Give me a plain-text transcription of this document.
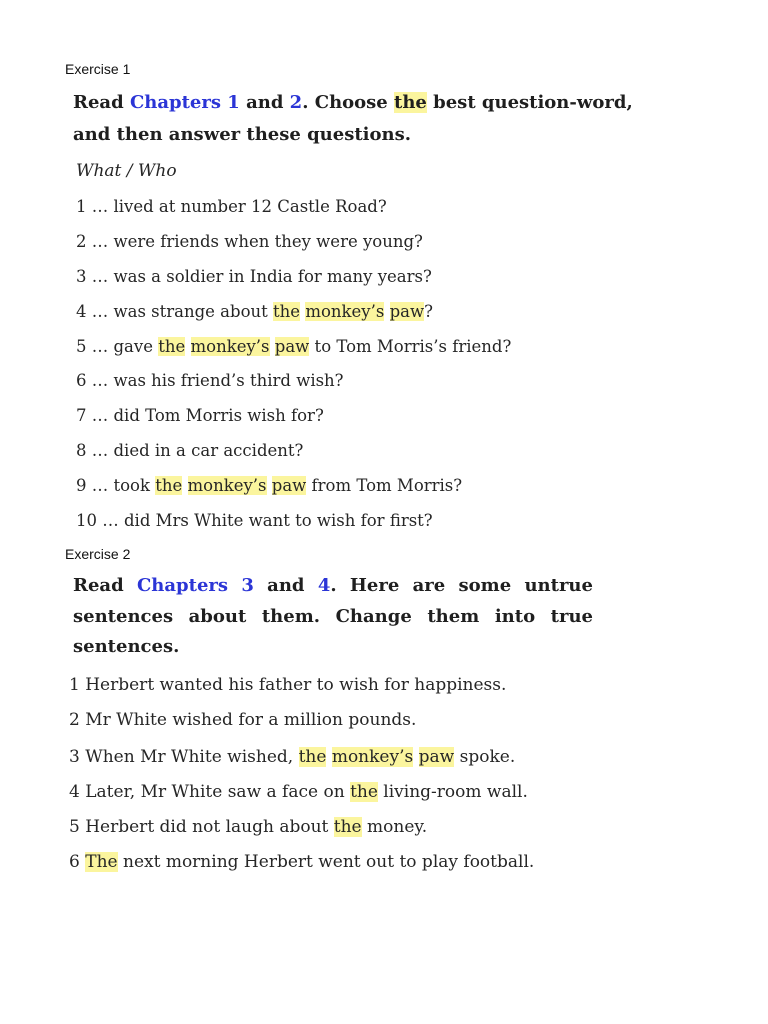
Exercise 1
Read Chapters 1 and 2. Choose the best question-word,
and then answer these questions.
What / Who
1 … lived at number 12 Castle Road?
2 … were friends when they were young?
3 … was a soldier in India for many years?
4 … was strange about the monkey’s paw?
5 … gave the monkey’s paw to Tom Morris’s friend?
6 … was his friend’s third wish?
7 … did Tom Morris wish for?
8 … died in a car accident?
9 … took the monkey’s paw from Tom Morris?
10 … did Mrs White want to wish for first?
Exercise 2
Read Chapters 3 and 4. Here are some untrue sentences about them. Change them into true sentences.
1 Herbert wanted his father to wish for happiness.
2 Mr White wished for a million pounds.
3 When Mr White wished, the monkey’s paw spoke.
4 Later, Mr White saw a face on the living-room wall.
5 Herbert did not laugh about the money.
6 The next morning Herbert went out to play football.
